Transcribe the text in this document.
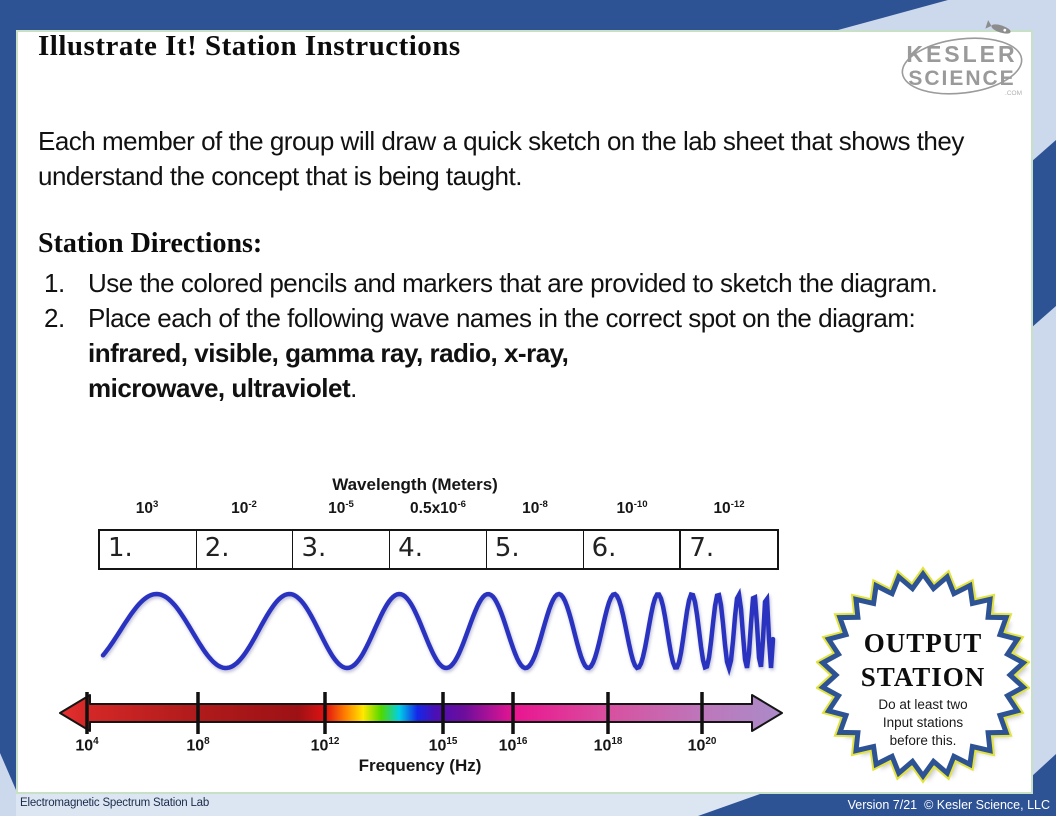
Illustrate It! Station Instructions	KESLER
SCIENCE
.COM
Each member of the group will draw a quick sketch on the lab sheet that shows they understand the concept that is being taught.
Station Directions:
1. Use the colored pencils and markers that are provided to sketch the diagram.
2. Place each of the following wave names in the correct spot on the diagram: infrared, visible, gamma ray, radio, x-ray,
microwave, ultraviolet.
Wavelength (Meters)
$10^3$	$10^{-2}$	$10^{-5}$	$0.5x10^{-6}$	$10^{-8}$	$10^{-10}$	$10^{-12}$
1.	2.	3.	4.	5.	6.	7.
$10^4$	$10^8$	$10^{12}$	$10^{15}$	$10^{16}$	$10^{18}$	$10^{20}$
Frequency (Hz)
OUTPUT
STATION
Do at least two
Input stations
before this.
Electromagnetic Spectrum Station Lab	Version 7/21  © Kesler Science, LLC
